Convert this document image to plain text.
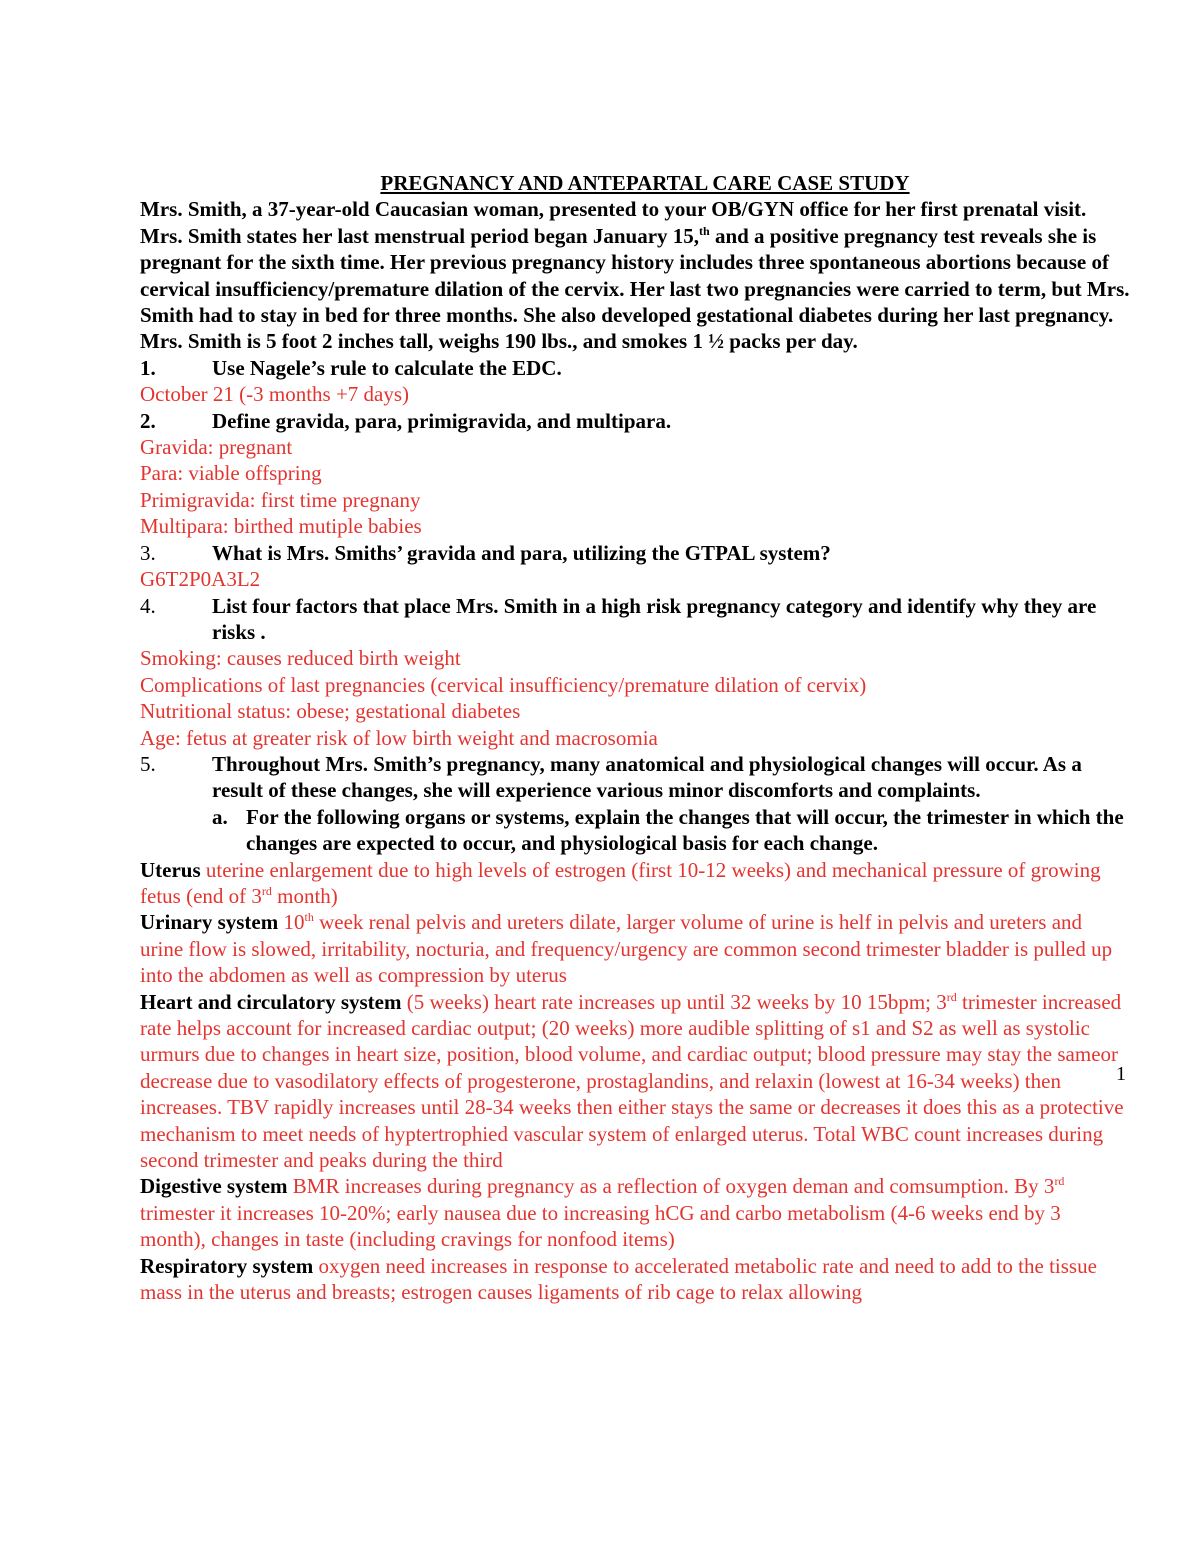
PREGNANCY AND ANTEPARTAL CARE CASE STUDY
Mrs. Smith, a 37-year-old Caucasian woman, presented to your OB/GYN office for her first prenatal visit. Mrs. Smith states her last menstrual period began January 15,$^{th}$ and a positive pregnancy test reveals she is pregnant for the sixth time. Her previous pregnancy history includes three spontaneous abortions because of cervical insufficiency/premature dilation of the cervix. Her last two pregnancies were carried to term, but Mrs. Smith had to stay in bed for three months. She also developed gestational diabetes during her last pregnancy. Mrs. Smith is 5 foot 2 inches tall, weighs 190 lbs., and smokes 1 ½ packs per day.
1.	Use Nagele’s rule to calculate the EDC.
October 21 (-3 months +7 days)
2.	Define gravida, para, primigravida, and multipara.
Gravida: pregnant
Para: viable offspring
Primigravida: first time pregnany
Multipara: birthed mutiple babies
3.	What is Mrs. Smiths’ gravida and para, utilizing the GTPAL system?
G6T2P0A3L2
4.	List four factors that place Mrs. Smith in a high risk pregnancy category and identify why they are risks .
Smoking: causes reduced birth weight
Complications of last pregnancies (cervical insufficiency/premature dilation of cervix)
Nutritional status: obese; gestational diabetes
Age: fetus at greater risk of low birth weight and macrosomia
5.	Throughout Mrs. Smith’s pregnancy, many anatomical and physiological changes will occur. As a result of these changes, she will experience various minor discomforts and complaints.
a. For the following organs or systems, explain the changes that will occur, the trimester in which the changes are expected to occur, and physiological basis for each change.
Uterus uterine enlargement due to high levels of estrogen (first 10-12 weeks) and mechanical pressure of growing fetus (end of 3rd month)
Urinary system 10th week renal pelvis and ureters dilate, larger volume of urine is helf in pelvis and ureters and urine flow is slowed, irritability, nocturia, and frequency/urgency are common second trimester bladder is pulled up into the abdomen as well as compression by uterus
Heart and circulatory system (5 weeks) heart rate increases up until 32 weeks by 10 15bpm; 3rd trimester increased rate helps account for increased cardiac output; (20 weeks) more audible splitting of s1 and S2 as well as systolic urmurs due to changes in heart size, position, blood volume, and cardiac output; blood pressure may stay the sameor decrease due to vasodilatory effects of progesterone, prostaglandins, and relaxin (lowest at 16-34 weeks) then increases. TBV rapidly increases until 28-34 weeks then either stays the same or decreases it does this as a protective mechanism to meet needs of hyptertrophied vascular system of enlarged uterus. Total WBC count increases during second trimester and peaks during the third
Digestive system BMR increases during pregnancy as a reflection of oxygen deman and comsumption. By 3rd trimester it increases 10-20%; early nausea due to increasing hCG and carbo metabolism (4-6 weeks end by 3 month), changes in taste (including cravings for nonfood items)
Respiratory system oxygen need increases in response to accelerated metabolic rate and need to add to the tissue mass in the uterus and breasts; estrogen causes ligaments of rib cage to relax allowing
1
